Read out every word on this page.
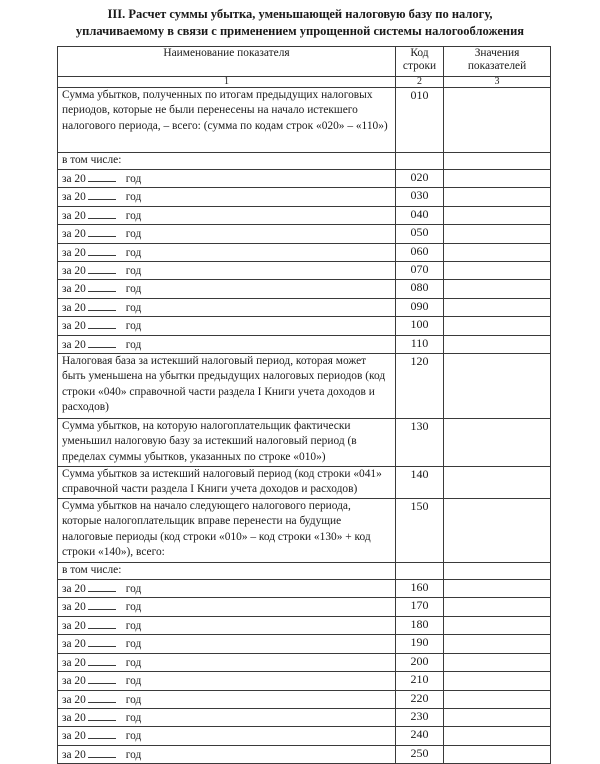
III. Расчет суммы убытка, уменьшающей налоговую базу по налогу,
уплачиваемому в связи с применением упрощенной системы налогообложения
Наименование показателя	Код строки	Значения показателей
1	2	3
Сумма убытков, полученных по итогам предыдущих налоговых периодов, которые не были перенесены на начало истекшего налогового периода, – всего: (сумма по кодам строк «020» – «110»)	010	
в том числе:		
за 20 год	020	
за 20 год	030	
за 20 год	040	
за 20 год	050	
за 20 год	060	
за 20 год	070	
за 20 год	080	
за 20 год	090	
за 20 год	100	
за 20 год	110	
Налоговая база за истекший налоговый период, которая может быть уменьшена на убытки предыдущих налоговых периодов (код строки «040» справочной части раздела I Книги учета доходов и расходов)	120	
Сумма убытков, на которую налогоплательщик фактически уменьшил налоговую базу за истекший налоговый период (в пределах суммы убытков, указанных по строке «010»)	130	
Сумма убытков за истекший налоговый период (код строки «041» справочной части раздела I Книги учета доходов и расходов)	140	
Сумма убытков на начало следующего налогового периода, которые налогоплательщик вправе перенести на будущие налоговые периоды (код строки «010» – код строки «130» + код строки «140»), всего:	150	
в том числе:		
за 20 год	160	
за 20 год	170	
за 20 год	180	
за 20 год	190	
за 20 год	200	
за 20 год	210	
за 20 год	220	
за 20 год	230	
за 20 год	240	
за 20 год	250	
